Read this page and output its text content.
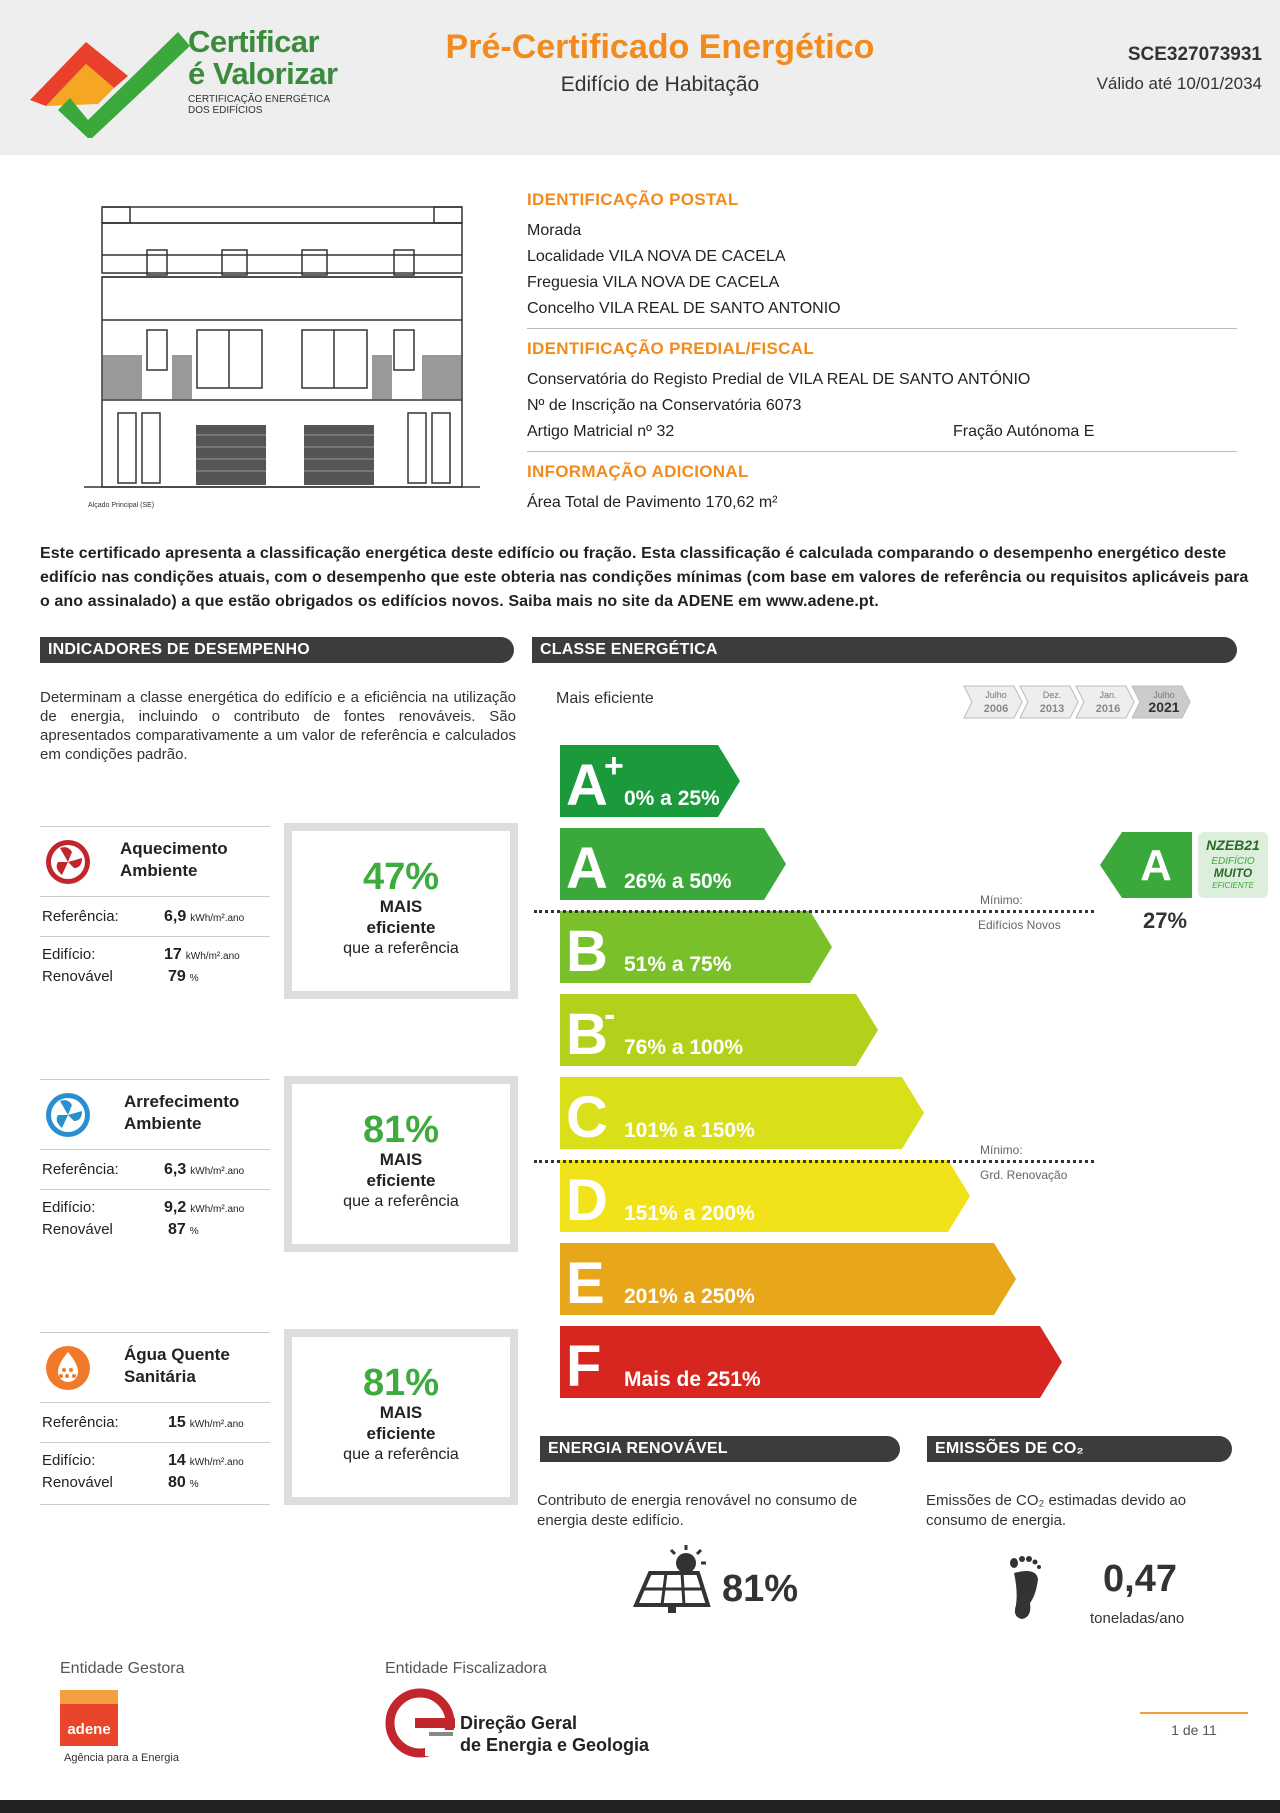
Certificar
é Valorizar
CERTIFICAÇÃO ENERGÉTICA
DOS EDIFÍCIOS
Pré-Certificado Energético
Edifício de Habitação
SCE327073931
Válido até 10/01/2034
Alçado Principal (SE)
IDENTIFICAÇÃO POSTAL
Morada
Localidade VILA NOVA DE CACELA
Freguesia VILA NOVA DE CACELA
Concelho VILA REAL DE SANTO ANTONIO
IDENTIFICAÇÃO PREDIAL/FISCAL
Conservatória do Registo Predial de VILA REAL DE SANTO ANTÓNIO
Nº de Inscrição na Conservatória 6073
Artigo Matricial nº 32	Fração Autónoma E
INFORMAÇÃO ADICIONAL
Área Total de Pavimento 170,62 m²
Este certificado apresenta a classificação energética deste edifício ou fração. Esta classificação é calculada comparando o desempenho energético deste edifício nas condições atuais, com o desempenho que este obteria nas condições mínimas (com base em valores de referência ou requisitos aplicáveis para o ano assinalado) a que estão obrigados os edifícios novos. Saiba mais no site da ADENE em www.adene.pt.
INDICADORES DE DESEMPENHO
Determinam a classe energética do edifício e a eficiência na utilização de energia, incluindo o contributo de fontes renováveis. São apresentados comparativamente a um valor de referência e calculados em condições padrão.
Aquecimento
Ambiente
Referência:	6,9 kWh/m².ano
Edifício:	17 kWh/m².ano
Renovável	79 %
47%
MAIS
eficiente
que a referência
Arrefecimento
Ambiente
Referência:	6,3 kWh/m².ano
Edifício:	9,2 kWh/m².ano
Renovável	87 %
81%
MAIS
eficiente
que a referência
Água Quente
Sanitária
Referência:	15 kWh/m².ano
Edifício:	14 kWh/m².ano
Renovável	80 %
81%
MAIS
eficiente
que a referência
CLASSE ENERGÉTICA
Mais eficiente	Julho
2006
Dez.
2013
Jan.
2016
Julho
2021
A
+
0% a 25%
A 26% a 50%
B 51% a 75%
B
-
76% a 100%
C 101% a 150%
D 151% a 200%
E 201% a 250%
F Mais de 251%
Mínimo:
Edifícios Novos
Mínimo:
Grd. Renovação
A NZEB21
EDIFÍCIO
MUITO
EFICIENTE
27%
ENERGIA RENOVÁVEL
Contributo de energia renovável no consumo de energia deste edifício.
81%
EMISSÕES DE CO₂
Emissões de CO₂ estimadas devido ao consumo de energia.
0,47
toneladas/ano
Entidade Gestora	Entidade Fiscalizadora
adene
Agência para a Energia
Direção Geral
de Energia e Geologia
1 de 11
